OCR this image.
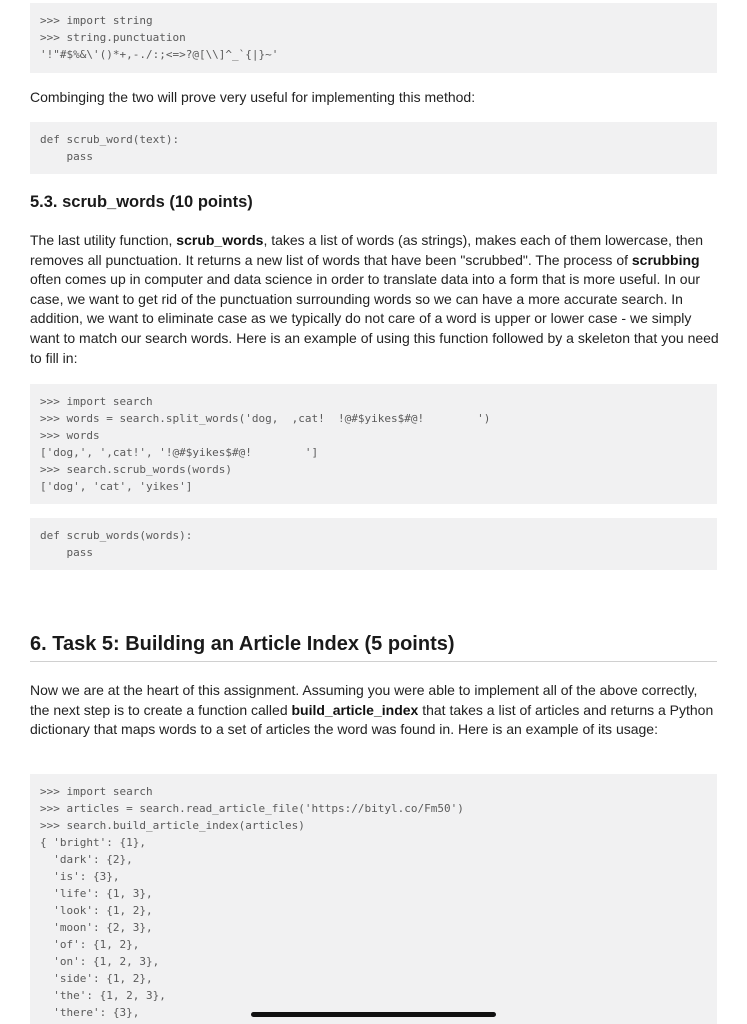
>>> import string
>>> string.punctuation
'!"#$%&\'()*+,-./:;<=>?@[\\]^_`{|}~'

Combinging the two will prove very useful for implementing this method:

def scrub_word(text):
pass
5.3. scrub_words (10 points)

The last utility function, scrub_words, takes a list of words (as strings), makes each of them lowercase, then removes all punctuation. It returns a new list of words that have been "scrubbed". The process of scrubbing often comes up in computer and data science in order to translate data into a form that is more useful. In our case, we want to get rid of the punctuation surrounding words so we can have a more accurate search. In addition, we want to eliminate case as we typically do not care of a word is upper or lower case - we simply want to match our search words. Here is an example of using this function followed by a skeleton that you need to fill in:

>>> import search
>>> words = search.split_words('dog,  ,cat!  !@#$yikes$#@!        ')
>>> words
['dog,', ',cat!', '!@#$yikes$#@!        ']
>>> search.scrub_words(words)
['dog', 'cat', 'yikes']
def scrub_words(words):
pass
6. Task 5: Building an Article Index (5 points)

Now we are at the heart of this assignment. Assuming you were able to implement all of the above correctly, the next step is to create a function called build_article_index that takes a list of articles and returns a Python dictionary that maps words to a set of articles the word was found in. Here is an example of its usage:

>>> import search
>>> articles = search.read_article_file('https://bityl.co/Fm50')
>>> search.build_article_index(articles)
{ 'bright': {1},
'dark': {2},
'is': {3},
'life': {1, 3},
'look': {1, 2},
'moon': {2, 3},
'of': {1, 2},
'on': {1, 2, 3},
'side': {1, 2},
'the': {1, 2, 3},
'there': {3},
